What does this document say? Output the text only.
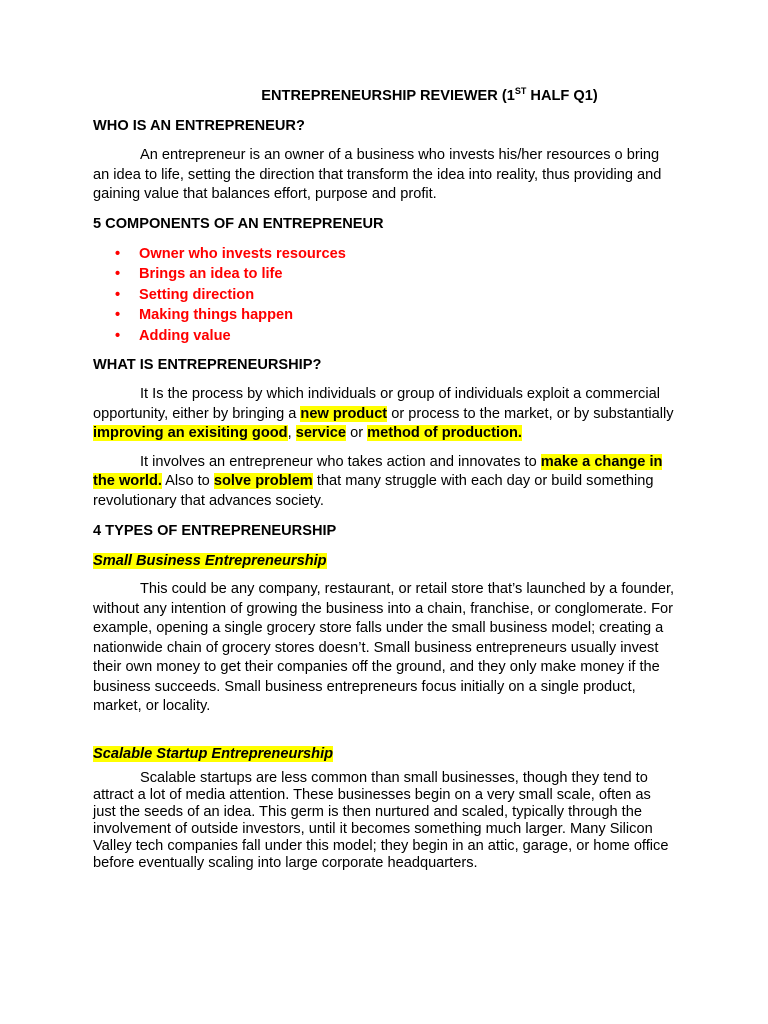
ENTREPRENEURSHIP REVIEWER (1ST HALF Q1)
WHO IS AN ENTREPRENEUR?

An entrepreneur is an owner of a business who invests his/her resources o bring an idea to life, setting the direction that transform the idea into reality, thus providing and gaining value that balances effort, purpose and profit.

5 COMPONENTS OF AN ENTREPRENEUR
• Owner who invests resources
• Brings an idea to life
• Setting direction
• Making things happen
• Adding value
WHAT IS ENTREPRENEURSHIP?

It Is the process by which individuals or group of individuals exploit a commercial opportunity, either by bringing a new product or process to the market, or by substantially improving an exisiting good, service or method of production.

It involves an entrepreneur who takes action and innovates to make a change in the world. Also to solve problem that many struggle with each day or build something revolutionary that advances society.

4 TYPES OF ENTREPRENEURSHIP
Small Business Entrepreneurship

This could be any company, restaurant, or retail store that’s launched by a founder, without any intention of growing the business into a chain, franchise, or conglomerate. For example, opening a single grocery store falls under the small business model; creating a nationwide chain of grocery stores doesn’t. Small business entrepreneurs usually invest their own money to get their companies off the ground, and they only make money if the business succeeds. Small business entrepreneurs focus initially on a single product, market, or locality.

Scalable Startup Entrepreneurship

Scalable startups are less common than small businesses, though they tend to attract a lot of media attention. These businesses begin on a very small scale, often as just the seeds of an idea. This germ is then nurtured and scaled, typically through the involvement of outside investors, until it becomes something much larger. Many Silicon Valley tech companies fall under this model; they begin in an attic, garage, or home office before eventually scaling into large corporate headquarters.
